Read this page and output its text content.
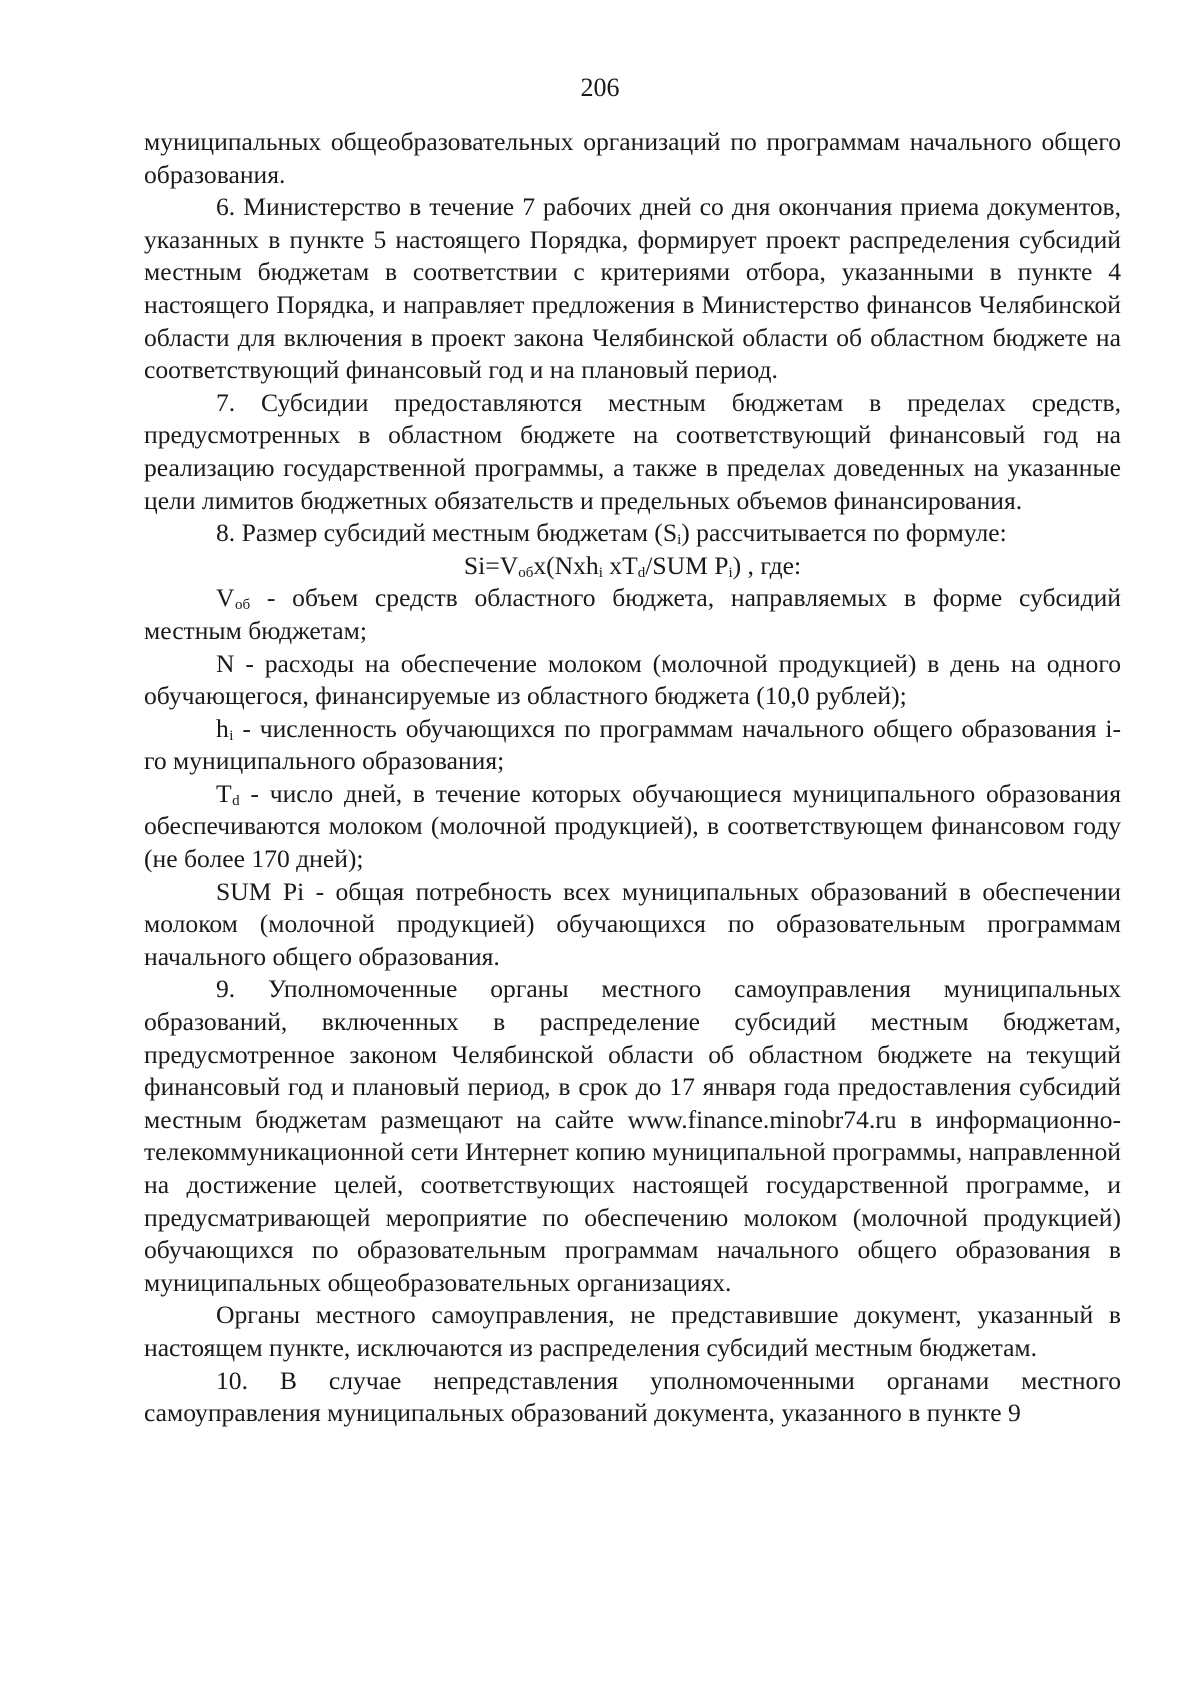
206

муниципальных общеобразовательных организаций по программам начального общего образования.

6. Министерство в течение 7 рабочих дней со дня окончания приема документов, указанных в пункте 5 настоящего Порядка, формирует проект распределения субсидий местным бюджетам в соответствии с критериями отбора, указанными в пункте 4 настоящего Порядка, и направляет предложения в Министерство финансов Челябинской области для включения в проект закона Челябинской области об областном бюджете на соответствующий финансовый год и на плановый период.

7. Субсидии предоставляются местным бюджетам в пределах средств, предусмотренных в областном бюджете на соответствующий финансовый год на реализацию государственной программы, а также в пределах доведенных на указанные цели лимитов бюджетных обязательств и предельных объемов финансирования.

8. Размер субсидий местным бюджетам $(S_i)$ рассчитывается по формуле:

$Si=V_{об}x(Nxh_i$ $xT_d$/SUM $P_i$) , где:

$V_{об}$ - объем средств областного бюджета, направляемых в форме субсидий местным бюджетам;

N - расходы на обеспечение молоком (молочной продукцией) в день на одного обучающегося, финансируемые из областного бюджета (10,0 рублей);

$h_i$ - численность обучающихся по программам начального общего образования i-го муниципального образования;

$T_d$ - число дней, в течение которых обучающиеся муниципального образования обеспечиваются молоком (молочной продукцией), в соответствующем финансовом году (не более 170 дней);

SUM Pi - общая потребность всех муниципальных образований в обеспечении молоком (молочной продукцией) обучающихся по образовательным программам начального общего образования.

9. Уполномоченные органы местного самоуправления муниципальных образований, включенных в распределение субсидий местным бюджетам, предусмотренное законом Челябинской области об областном бюджете на текущий финансовый год и плановый период, в срок до 17 января года предоставления субсидий местным бюджетам размещают на сайте www.finance.minobr74.ru в информационно-телекоммуникационной сети Интернет копию муниципальной программы, направленной на достижение целей, соответствующих настоящей государственной программе, и предусматривающей мероприятие по обеспечению молоком (молочной продукцией) обучающихся по образовательным программам начального общего образования в муниципальных общеобразовательных организациях.

Органы местного самоуправления, не представившие документ, указанный в настоящем пункте, исключаются из распределения субсидий местным бюджетам.

10. В случае непредставления уполномоченными органами местного самоуправления муниципальных образований документа, указанного в пункте 9
